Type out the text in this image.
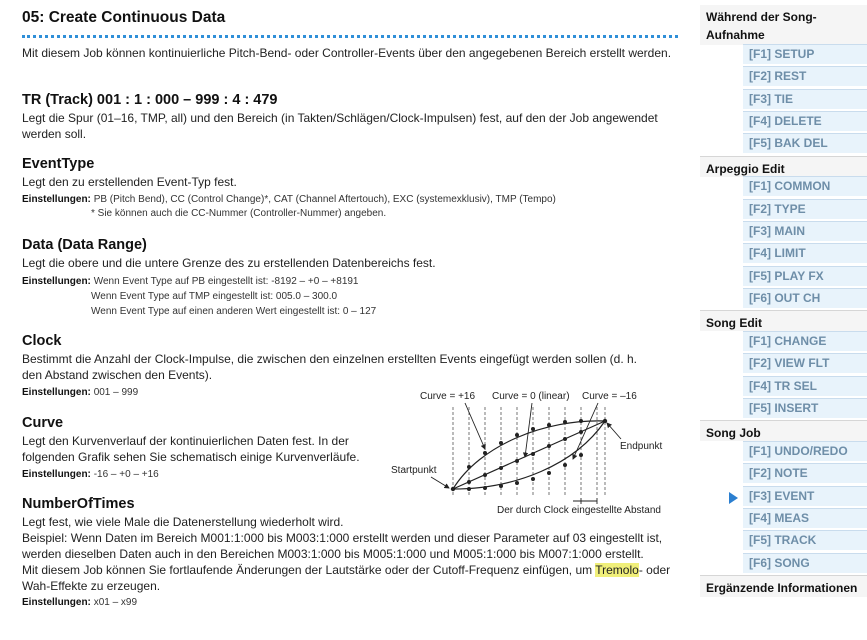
05: Create Continuous Data
Mit diesem Job können kontinuierliche Pitch-Bend- oder Controller-Events über den angegebenen Bereich erstellt werden.
TR (Track) 001 : 1 : 000 – 999 : 4 : 479
Legt die Spur (01–16, TMP, all) und den Bereich (in Takten/Schlägen/Clock-Impulsen) fest, auf den der Job angewendet werden soll.
EventType
Legt den zu erstellenden Event-Typ fest.
Einstellungen: PB (Pitch Bend), CC (Control Change)*, CAT (Channel Aftertouch), EXC (systemexklusiv), TMP (Tempo)
* Sie können auch die CC-Nummer (Controller-Nummer) angeben.
Data (Data Range)
Legt die obere und die untere Grenze des zu erstellenden Datenbereichs fest.
Einstellungen: Wenn Event Type auf PB eingestellt ist: -8192 – +0 – +8191
Wenn Event Type auf TMP eingestellt ist: 005.0 – 300.0
Wenn Event Type auf einen anderen Wert eingestellt ist: 0 – 127
Clock
Bestimmt die Anzahl der Clock-Impulse, die zwischen den einzelnen erstellten Events eingefügt werden sollen (d. h. den Abstand zwischen den Events).
Einstellungen: 001 – 999
Curve
Legt den Kurvenverlauf der kontinuierlichen Daten fest. In der folgenden Grafik sehen Sie schematisch einige Kurvenverläufe.
Einstellungen: -16 – +0 – +16
NumberOfTimes
Legt fest, wie viele Male die Datenerstellung wiederholt wird.
Beispiel: Wenn Daten im Bereich M001:1:000 bis M003:1:000 erstellt werden und dieser Parameter auf 03 eingestellt ist, werden dieselben Daten auch in den Bereichen M003:1:000 bis M005:1:000 und M005:1:000 bis M007:1:000 erstellt.
Mit diesem Job können Sie fortlaufende Änderungen der Lautstärke oder der Cutoff-Frequenz einfügen, um Tremolo- oder Wah-Effekte zu erzeugen.
Einstellungen: x01 – x99
Curve = +16 Curve = 0 (linear) Curve = –16
Startpunkt
Endpunkt
Der durch Clock eingestellte Abstand
Während der Song-Aufnahme
[F1] SETUP
[F2] REST
[F3] TIE
[F4] DELETE
[F5] BAK DEL
Arpeggio Edit
[F1] COMMON
[F2] TYPE
[F3] MAIN
[F4] LIMIT
[F5] PLAY FX
[F6] OUT CH
Song Edit
[F1] CHANGE
[F2] VIEW FLT
[F4] TR SEL
[F5] INSERT
Song Job
[F1] UNDO/REDO
[F2] NOTE
[F3] EVENT
[F4] MEAS
[F5] TRACK
[F6] SONG
Ergänzende Informationen
